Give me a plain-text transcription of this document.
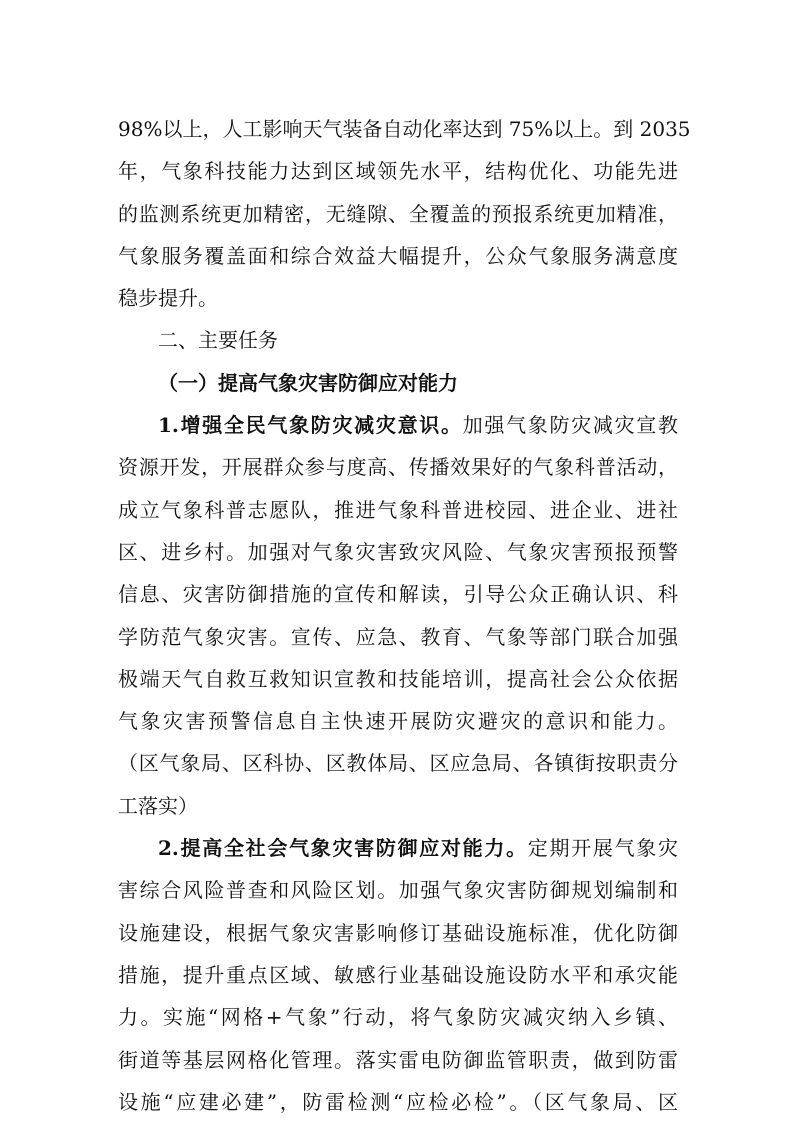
98%以上，人工影响天气装备自动化率达到 75%以上。到 2035
年，气象科技能力达到区域领先水平，结构优化、功能先进
的监测系统更加精密，无缝隙、全覆盖的预报系统更加精准，
气象服务覆盖面和综合效益大幅提升，公众气象服务满意度
稳步提升。
二、主要任务
（一）提高气象灾害防御应对能力
1.增强全民气象防灾减灾意识。加强气象防灾减灾宣教
资源开发，开展群众参与度高、传播效果好的气象科普活动，
成立气象科普志愿队，推进气象科普进校园、进企业、进社
区、进乡村。加强对气象灾害致灾风险、气象灾害预报预警
信息、灾害防御措施的宣传和解读，引导公众正确认识、科
学防范气象灾害。宣传、应急、教育、气象等部门联合加强
极端天气自救互救知识宣教和技能培训，提高社会公众依据
气象灾害预警信息自主快速开展防灾避灾的意识和能力。
（区气象局、区科协、区教体局、区应急局、各镇街按职责分
工落实）
2.提高全社会气象灾害防御应对能力。定期开展气象灾
害综合风险普查和风险区划。加强气象灾害防御规划编制和
设施建设，根据气象灾害影响修订基础设施标准，优化防御
措施，提升重点区域、敏感行业基础设施设防水平和承灾能
力。实施“网格+气象”行动，将气象防灾减灾纳入乡镇、
街道等基层网格化管理。落实雷电防御监管职责，做到防雷
设施“应建必建”，防雷检测“应检必检”。（区气象局、区
